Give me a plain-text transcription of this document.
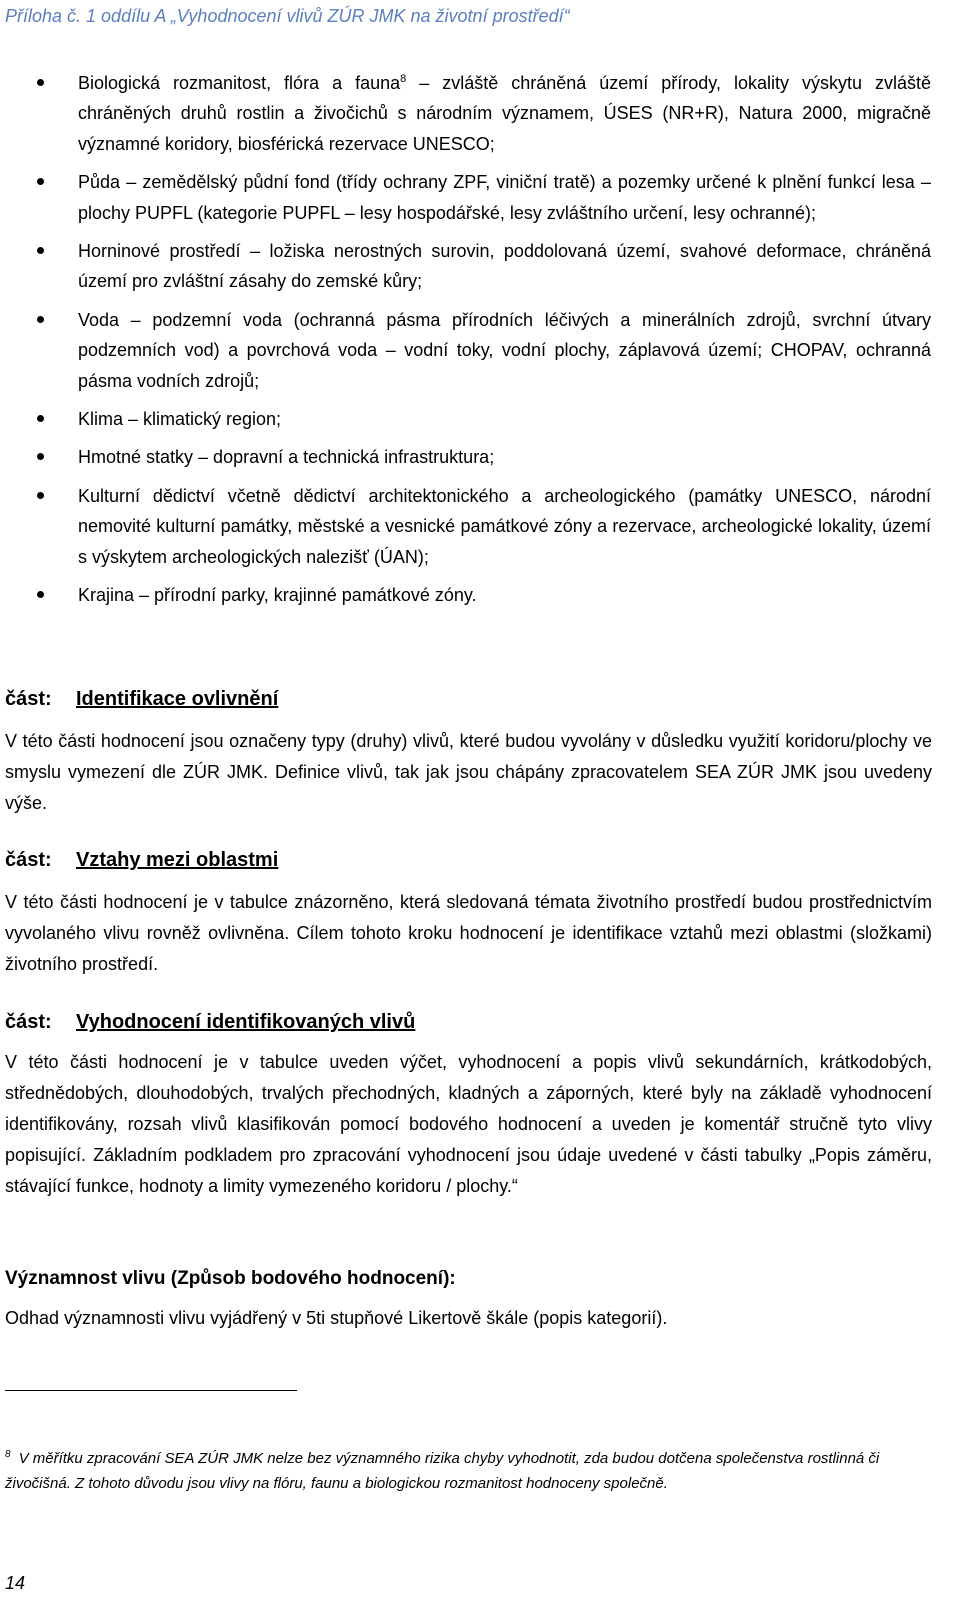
Příloha č. 1 oddílu A „Vyhodnocení vlivů ZÚR JMK na životní prostředí“
Biologická rozmanitost, flóra a fauna$^8$ – zvláště chráněná území přírody, lokality výskytu zvláště chráněných druhů rostlin a živočichů s národním významem, ÚSES (NR+R), Natura 2000, migračně významné koridory, biosférická rezervace UNESCO;
Půda – zemědělský půdní fond (třídy ochrany ZPF, viniční tratě) a pozemky určené k plnění funkcí lesa – plochy PUPFL (kategorie PUPFL – lesy hospodářské, lesy zvláštního určení, lesy ochranné);
Horninové prostředí – ložiska nerostných surovin, poddolovaná území, svahové deformace, chráněná území pro zvláštní zásahy do zemské kůry;
Voda – podzemní voda (ochranná pásma přírodních léčivých a minerálních zdrojů, svrchní útvary podzemních vod) a povrchová voda – vodní toky, vodní plochy, záplavová území; CHOPAV, ochranná pásma vodních zdrojů;
Klima – klimatický region;
Hmotné statky – dopravní a technická infrastruktura;
Kulturní dědictví včetně dědictví architektonického a archeologického (památky UNESCO, národní nemovité kulturní památky, městské a vesnické památkové zóny a rezervace, archeologické lokality, území s výskytem archeologických nalezišť (ÚAN);
Krajina – přírodní parky, krajinné památkové zóny.
část: Identifikace ovlivnění

V této části hodnocení jsou označeny typy (druhy) vlivů, které budou vyvolány v důsledku využití koridoru/plochy ve smyslu vymezení dle ZÚR JMK. Definice vlivů, tak jak jsou chápány zpracovatelem SEA ZÚR JMK jsou uvedeny výše.

část: Vztahy mezi oblastmi

V této části hodnocení je v tabulce znázorněno, která sledovaná témata životního prostředí budou prostřednictvím vyvolaného vlivu rovněž ovlivněna. Cílem tohoto kroku hodnocení je identifikace vztahů mezi oblastmi (složkami) životního prostředí.

část: Vyhodnocení identifikovaných vlivů

V této části hodnocení je v tabulce uveden výčet, vyhodnocení a popis vlivů sekundárních, krátkodobých, střednědobých, dlouhodobých, trvalých přechodných, kladných a záporných, které byly na základě vyhodnocení identifikovány, rozsah vlivů klasifikován pomocí bodového hodnocení a uveden je komentář stručně tyto vlivy popisující. Základním podkladem pro zpracování vyhodnocení jsou údaje uvedené v části tabulky „Popis záměru, stávající funkce, hodnoty a limity vymezeného koridoru / plochy.“

Významnost vlivu (Způsob bodového hodnocení):

Odhad významnosti vlivu vyjádřený v 5ti stupňové Likertově škále (popis kategorií).

$^8$ V měřítku zpracování SEA ZÚR JMK nelze bez významného rizika chyby vyhodnotit, zda budou dotčena společenstva rostlinná či živočišná. Z tohoto důvodu jsou vlivy na flóru, faunu a biologickou rozmanitost hodnoceny společně.
14
